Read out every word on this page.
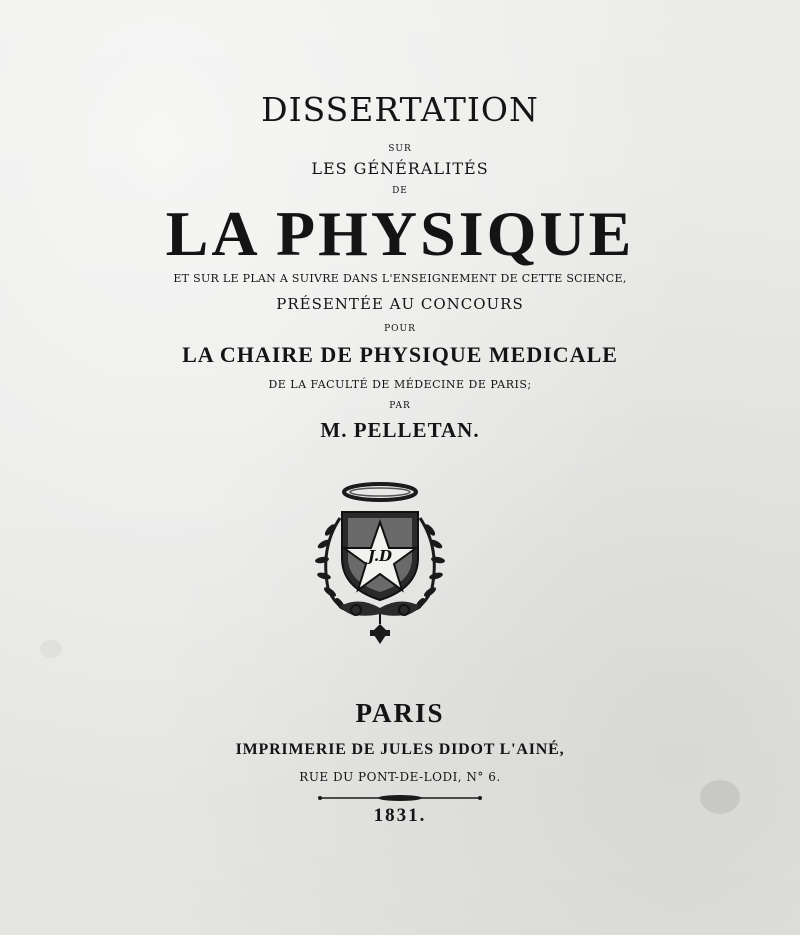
DISSERTATION
SUR
LES GÉNÉRALITÉS
DE
LA PHYSIQUE
ET SUR LE PLAN A SUIVRE DANS L'ENSEIGNEMENT DE CETTE SCIENCE,
PRÉSENTÉE AU CONCOURS
POUR
LA CHAIRE DE PHYSIQUE MEDICALE
DE LA FACULTÉ DE MÉDECINE DE PARIS;
PAR
M. PELLETAN.
J.D
PARIS
IMPRIMERIE DE JULES DIDOT L'AINÉ,
RUE DU PONT-DE-LODI, N° 6.
1831.
